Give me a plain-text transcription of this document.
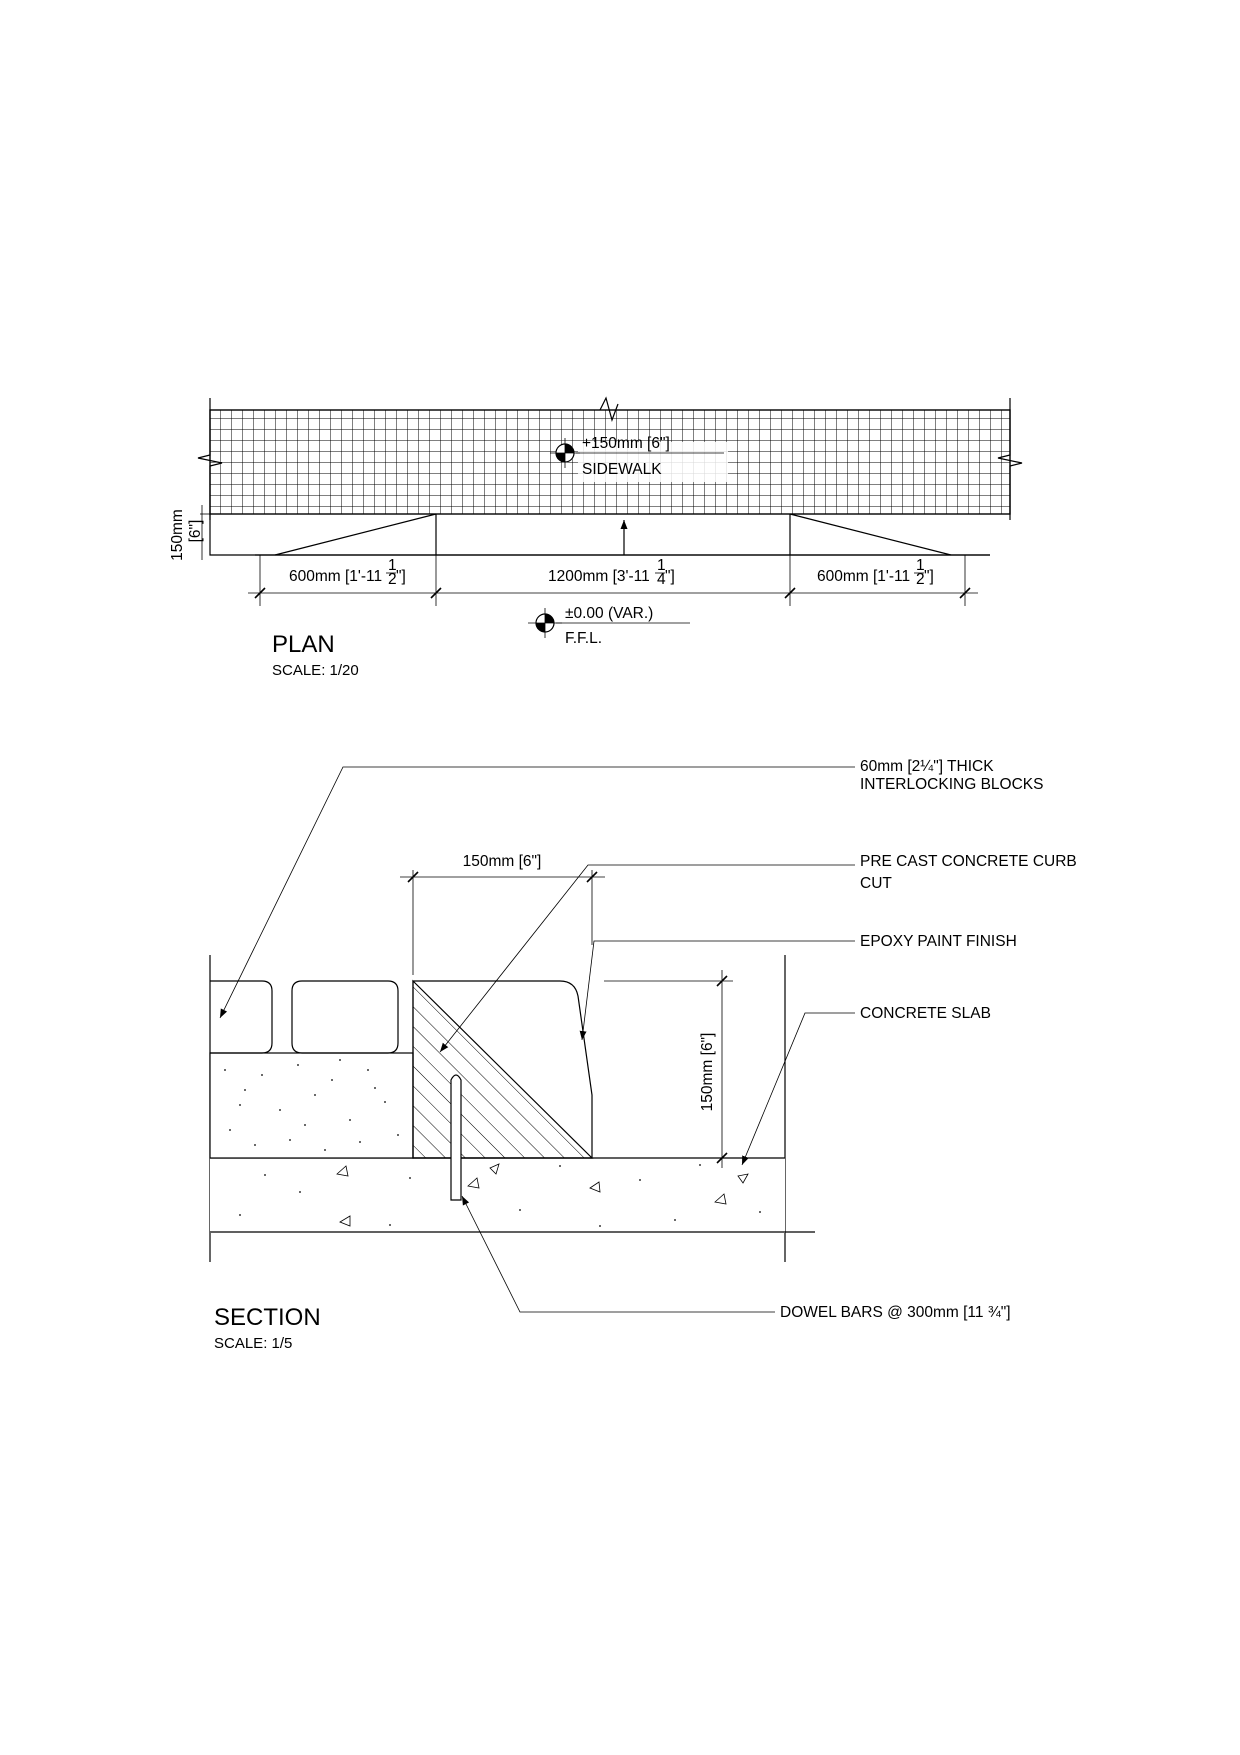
150mm [6"]
600mm [1'-11
1
2 "]	1200mm [3'-11
1
4 "]	600mm [1'-11
1
2 "]
+150mm [6"]
SIDEWALK
±0.00 (VAR.)
F.F.L.
PLAN
SCALE: 1/20
150mm [6"]
150mm [6"]
60mm [2¼"] THICK
INTERLOCKING BLOCKS
PRE CAST CONCRETE CURB
CUT
EPOXY PAINT FINISH
CONCRETE SLAB
DOWEL BARS @ 300mm [11 ¾"]
SECTION
SCALE: 1/5
